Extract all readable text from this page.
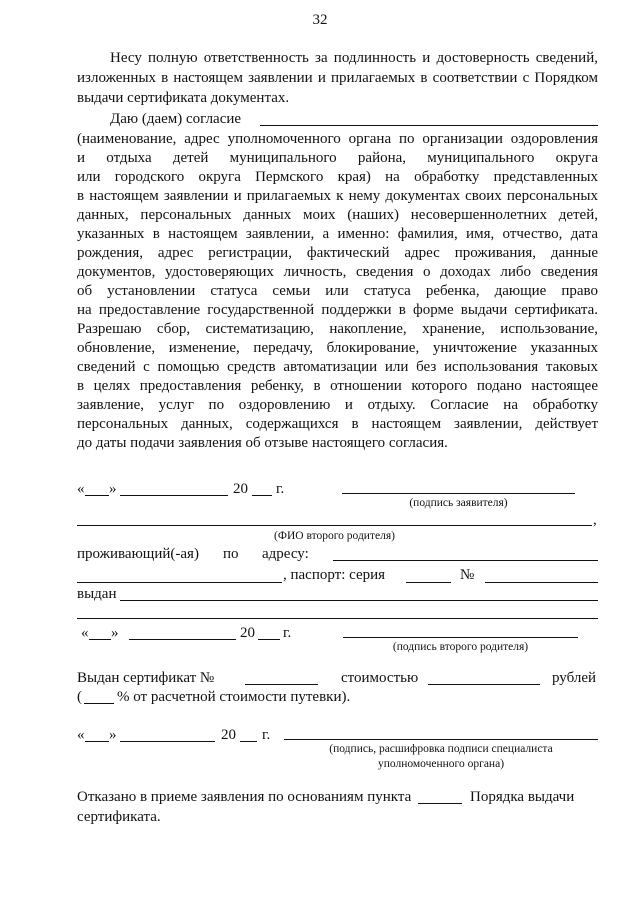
32
Несу полную ответственность за подлинность и достоверность сведений,
изложенных в настоящем заявлении и прилагаемых в соответствии с Порядком
выдачи сертификата документах.
Даю (даем) согласие
(наименование, адрес уполномоченного органа по организации оздоровления
и отдыха детей муниципального района, муниципального округа
или городского округа Пермского края) на обработку представленных
в настоящем заявлении и прилагаемых к нему документах своих персональных
данных, персональных данных моих (наших) несовершеннолетних детей,
указанных в настоящем заявлении, а именно: фамилия, имя, отчество, дата
рождения, адрес регистрации, фактический адрес проживания, данные
документов, удостоверяющих личность, сведения о доходах либо сведения
об установлении статуса семьи или статуса ребенка, дающие право
на предоставление государственной поддержки в форме выдачи сертификата.
Разрешаю сбор, систематизацию, накопление, хранение, использование,
обновление, изменение, передачу, блокирование, уничтожение указанных
сведений с помощью средств автоматизации или без использования таковых
в целях предоставления ребенку, в отношении которого подано настоящее
заявление, услуг по оздоровлению и отдыху. Согласие на обработку
персональных данных, содержащихся в настоящем заявлении, действует
до даты подачи заявления об отзыве настоящего согласия.
« »	20 г.
(подпись заявителя)
,
(ФИО второго родителя)
проживающий(-ая) по адресу:
, паспорт: серия	№
выдан
« »	20 г.
(подпись второго родителя)
Выдан сертификат №	стоимостью	рублей
( % от расчетной стоимости путевки).
« »	20 г.
(подпись, расшифровка подписи специалиста
уполномоченного органа)
Отказано в приеме заявления по основаниям пункта	Порядка выдачи
сертификата.
